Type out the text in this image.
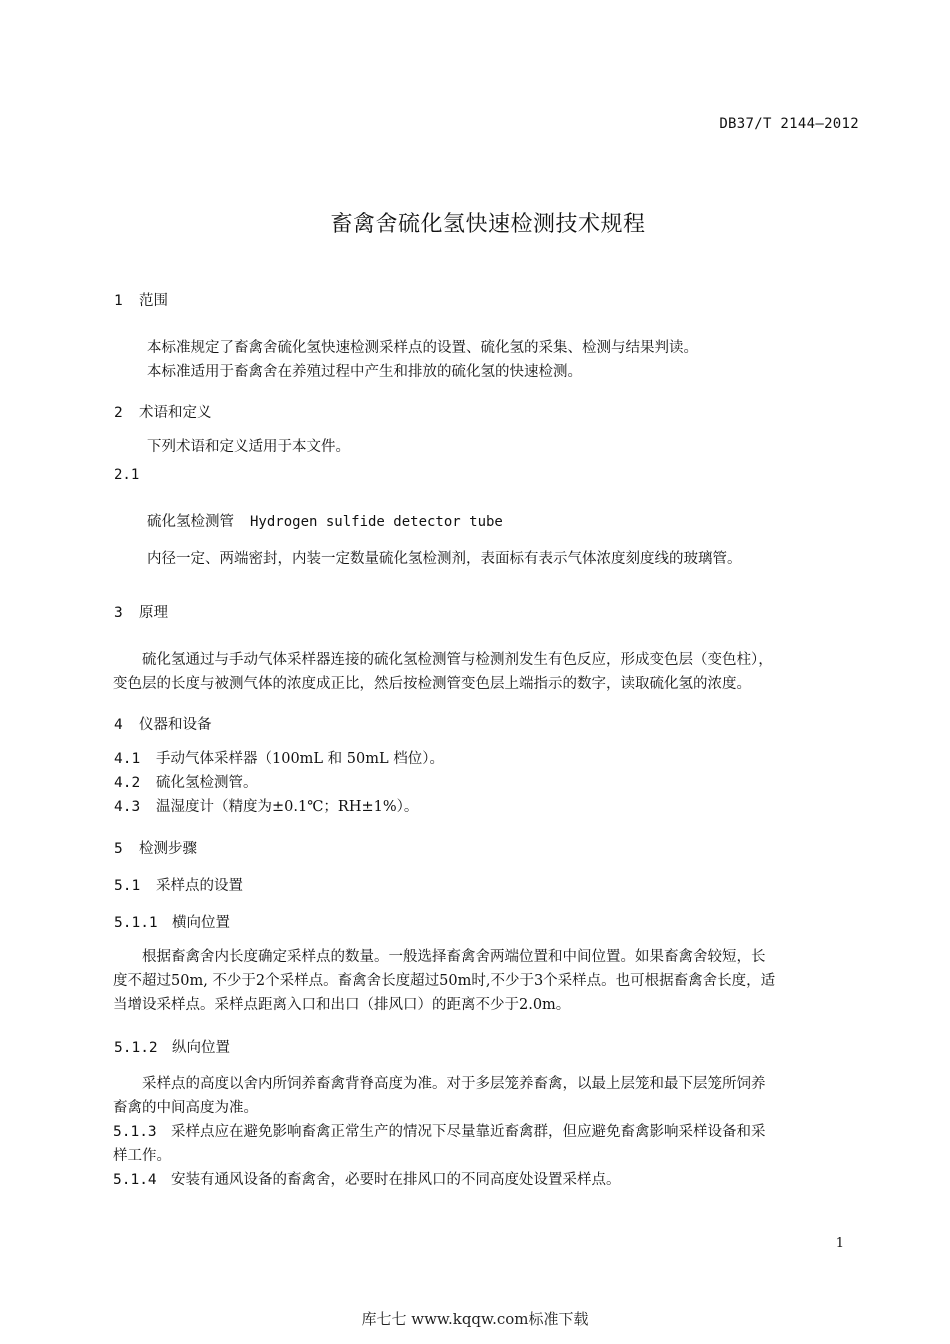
DB37/T 2144—2012
畜禽舍硫化氢快速检测技术规程
1 范围

本标准规定了畜禽舍硫化氢快速检测采样点的设置、硫化氢的采集、检测与结果判读。

本标准适用于畜禽舍在养殖过程中产生和排放的硫化氢的快速检测。

2 术语和定义

下列术语和定义适用于本文件。

2.1
硫化氢检测管 Hydrogen sulfide detector tube

内径一定、两端密封，内装一定数量硫化氢检测剂，表面标有表示气体浓度刻度线的玻璃管。

3 原理

硫化氢通过与手动气体采样器连接的硫化氢检测管与检测剂发生有色反应，形成变色层（变色柱），

变色层的长度与被测气体的浓度成正比，然后按检测管变色层上端指示的数字，读取硫化氢的浓度。

4 仪器和设备
4.1 手动气体采样器（100mL 和 50mL 档位）。
4.2 硫化氢检测管。
4.3 温湿度计（精度为±0.1℃；RH±1%）。
5 检测步骤
5.1 采样点的设置
5.1.1 横向位置

根据畜禽舍内长度确定采样点的数量。一般选择畜禽舍两端位置和中间位置。如果畜禽舍较短，长

度不超过50m, 不少于2个采样点。畜禽舍长度超过50m时,不少于3个采样点。也可根据畜禽舍长度，适

当增设采样点。采样点距离入口和出口（排风口）的距离不少于2.0m。

5.1.2 纵向位置

采样点的高度以舍内所饲养畜禽背脊高度为准。对于多层笼养畜禽，以最上层笼和最下层笼所饲养

畜禽的中间高度为准。

5.1.3 采样点应在避免影响畜禽正常生产的情况下尽量靠近畜禽群，但应避免畜禽影响采样设备和采

样工作。

5.1.4 安装有通风设备的畜禽舍，必要时在排风口的不同高度处设置采样点。
1
库七七 www.kqqw.com标准下载
